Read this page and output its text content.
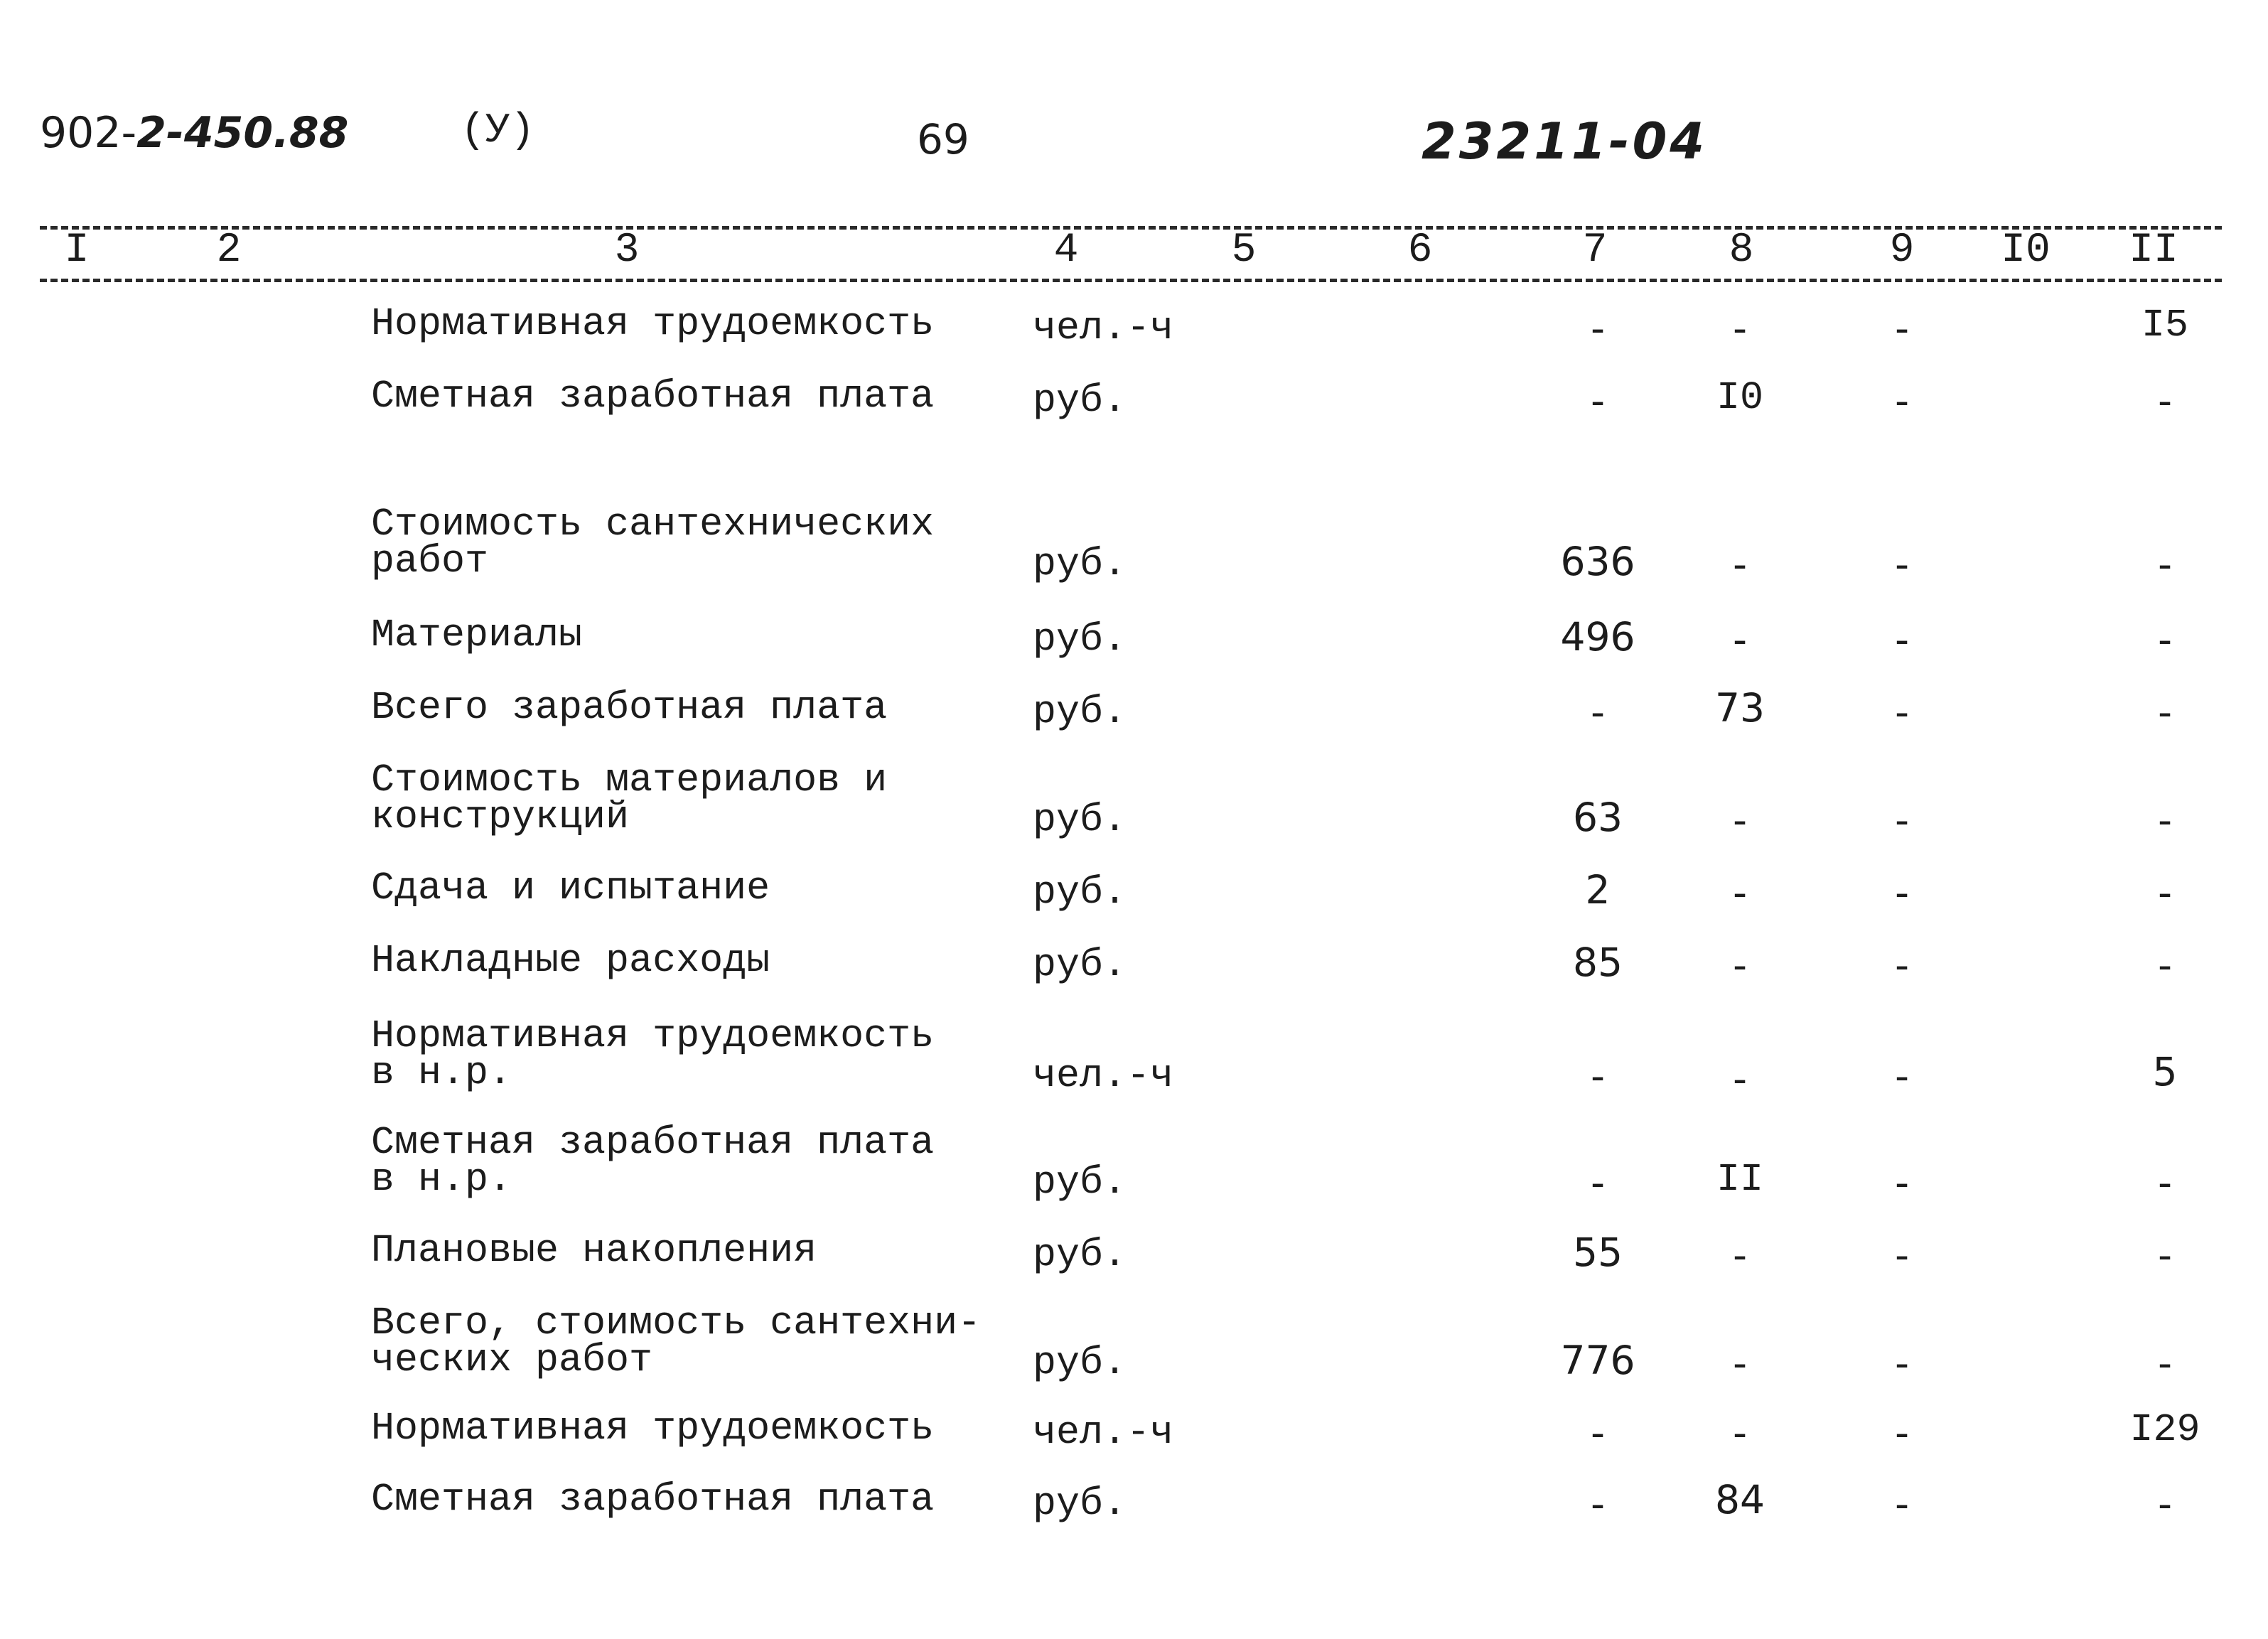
902-2-450.88	(У)	69	23211-04
I	2	3	4	5	6	7	8	9	I0	II
Нормативная трудоемкость	чел.-ч	-	-	-	I5
Сметная заработная плата	руб.	-	I0	-	-
Стоимость сантехнических
работ	руб.	636	-	-	-
Материалы	руб.	496	-	-	-
Всего заработная плата	руб.	-	73	-	-
Стоимость материалов и
конструкций	руб.	63	-	-	-
Сдача и испытание	руб.	2	-	-	-
Накладные расходы	руб.	85	-	-	-
Нормативная трудоемкость
в н.р.	чел.-ч	-	-	-	5
Сметная заработная плата
в н.р.	руб.	-	II	-	-
Плановые накопления	руб.	55	-	-	-
Всего, стоимость сантехни-
ческих работ	руб.	776	-	-	-
Нормативная трудоемкость	чел.-ч	-	-	-	I29
Сметная заработная плата	руб.	-	84	-	-
